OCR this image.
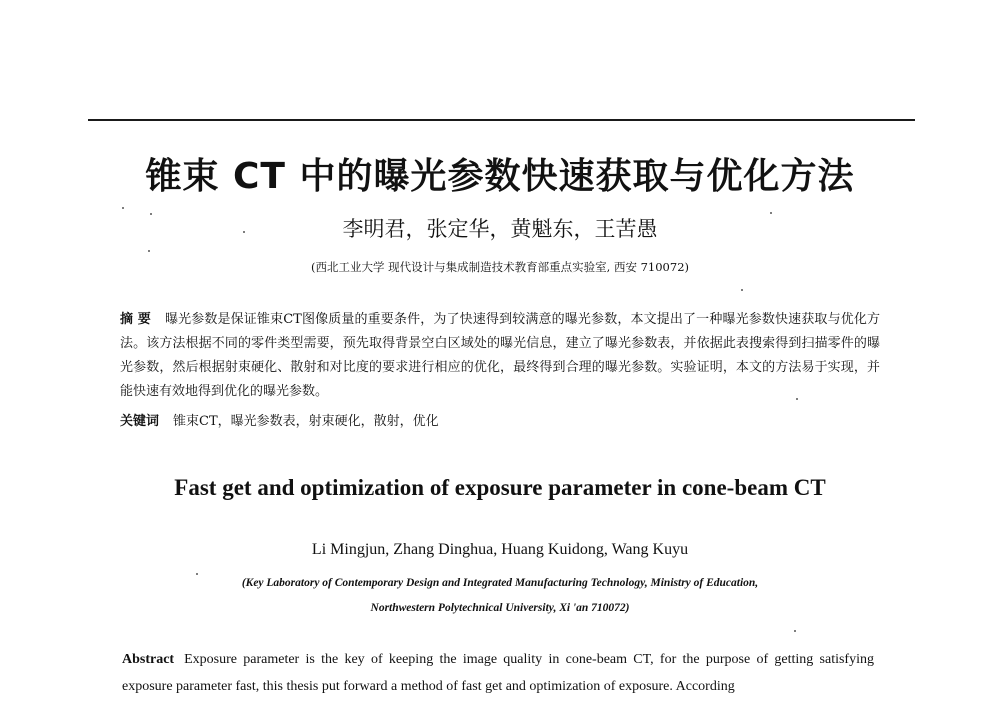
锥束 CT 中的曝光参数快速获取与优化方法
李明君，张定华，黄魁东，王苦愚
(西北工业大学 现代设计与集成制造技术教育部重点实验室, 西安 710072)
摘 要 曝光参数是保证锥束CT图像质量的重要条件，为了快速得到较满意的曝光参数，本文提出了一种曝光参数快速获取与优化方法。该方法根据不同的零件类型需要，预先取得背景空白区域处的曝光信息，建立了曝光参数表，并依据此表搜索得到扫描零件的曝光参数，然后根据射束硬化、散射和对比度的要求进行相应的优化，最终得到合理的曝光参数。实验证明，本文的方法易于实现，并能快速有效地得到优化的曝光参数。
关键词 锥束CT，曝光参数表，射束硬化，散射，优化
Fast get and optimization of exposure parameter in cone-beam CT
Li Mingjun, Zhang Dinghua, Huang Kuidong, Wang Kuyu
(Key Laboratory of Contemporary Design and Integrated Manufacturing Technology, Ministry of Education,
Northwestern Polytechnical University, Xi 'an 710072)
Abstract Exposure parameter is the key of keeping the image quality in cone-beam CT, for the purpose of getting satisfying exposure parameter fast, this thesis put forward a method of fast get and optimization of exposure. According
